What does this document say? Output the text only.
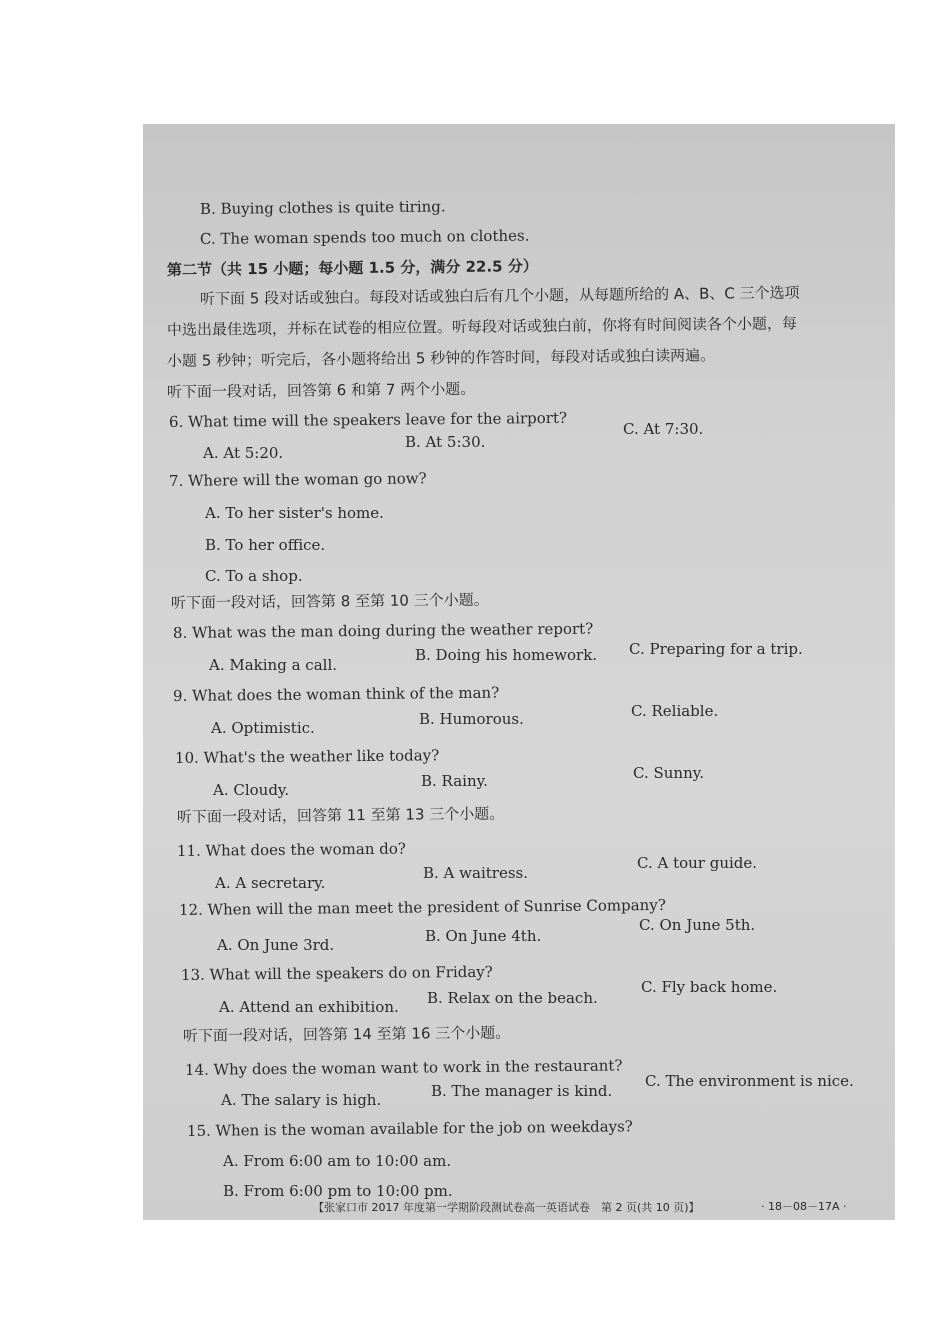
B. Buying clothes is quite tiring.
C. The woman spends too much on clothes.
第二节（共 15 小题；每小题 1.5 分，满分 22.5 分）
听下面 5 段对话或独白。每段对话或独白后有几个小题，从每题所给的 A、B、C 三个选项
中选出最佳选项，并标在试卷的相应位置。听每段对话或独白前，你将有时间阅读各个小题，每
小题 5 秒钟；听完后，各小题将给出 5 秒钟的作答时间，每段对话或独白读两遍。
听下面一段对话，回答第 6 和第 7 两个小题。
6. What time will the speakers leave for the airport?
A. At 5:20.
B. At 5:30.
C. At 7:30.
7. Where will the woman go now?
A. To her sister's home.
B. To her office.
C. To a shop.
听下面一段对话，回答第 8 至第 10 三个小题。
8. What was the man doing during the weather report?
A. Making a call.
B. Doing his homework. C. Preparing for a trip.
9. What does the woman think of the man?
A. Optimistic.	B. Humorous.	C. Reliable.
10. What's the weather like today?
A. Cloudy.	B. Rainy.	C. Sunny.
听下面一段对话，回答第 11 至第 13 三个小题。
11. What does the woman do?
A. A secretary.
B. A waitress.
C. A tour guide.
12. When will the man meet the president of Sunrise Company?
A. On June 3rd.	B. On June 4th.
C. On June 5th.
13. What will the speakers do on Friday?
A. Attend an exhibition. B. Relax on the beach.
C. Fly back home.
听下面一段对话，回答第 14 至第 16 三个小题。
14. Why does the woman want to work in the restaurant?
A. The salary is high.	B. The manager is kind.
C. The environment is nice.
15. When is the woman available for the job on weekdays?
A. From 6:00 am to 10:00 am.
B. From 6:00 pm to 10:00 pm.
【张家口市 2017 年度第一学期阶段测试卷高一英语试卷　第 2 页(共 10 页)】	· 18－08－17A ·
